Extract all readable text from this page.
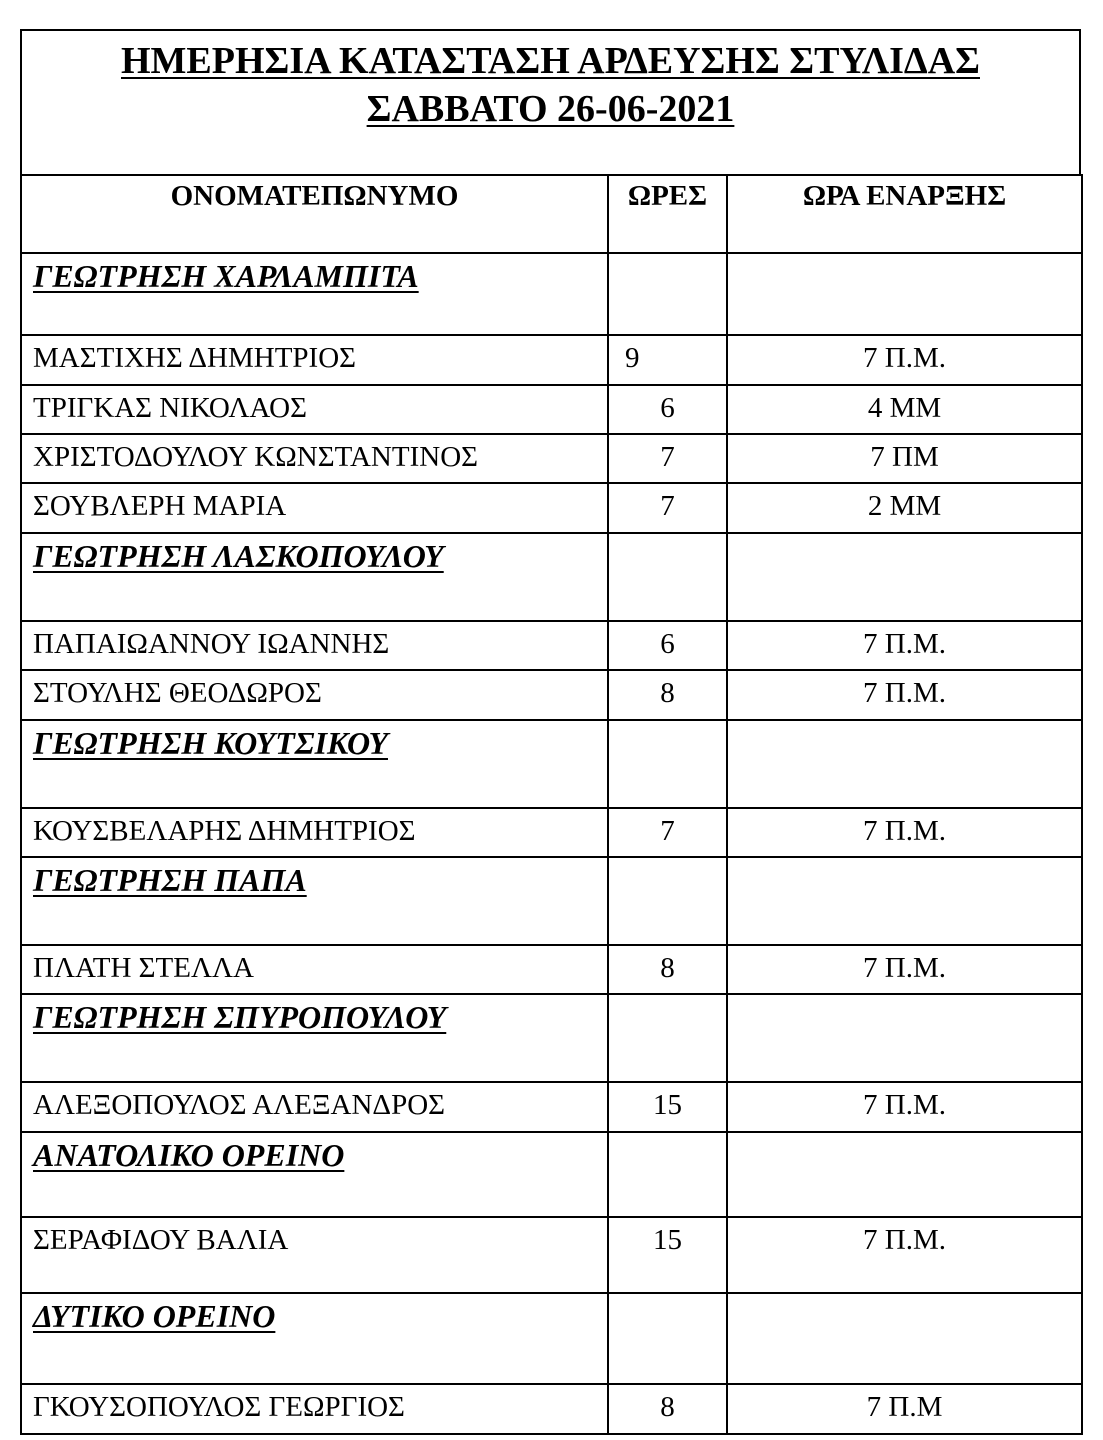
ΗΜΕΡΗΣΙΑ ΚΑΤΑΣΤΑΣΗ ΑΡΔΕΥΣΗΣ ΣΤΥΛΙΔΑΣ
ΣΑΒΒΑΤΟ 26-06-2021
ΟΝΟΜΑΤΕΠΩΝΥΜΟ	ΩΡΕΣ	ΩΡΑ ΕΝΑΡΞΗΣ
ΓΕΩΤΡΗΣΗ ΧΑΡΛΑΜΠΙΤΑ		

ΜΑΣΤΙΧΗΣ ΔΗΜΗΤΡΙΟΣ	9	7 Π.Μ.

ΤΡΙΓΚΑΣ ΝΙΚΟΛΑΟΣ	6	4 ΜΜ

ΧΡΙΣΤΟΔΟΥΛΟΥ ΚΩΝΣΤΑΝΤΙΝΟΣ	7	7 ΠΜ

ΣΟΥΒΛΕΡΗ ΜΑΡΙΑ	7	2 ΜΜ

ΓΕΩΤΡΗΣΗ ΛΑΣΚΟΠΟΥΛΟΥ		

ΠΑΠΑΙΩΑΝΝΟΥ ΙΩΑΝΝΗΣ	6	7 Π.Μ.

ΣΤΟΥΛΗΣ ΘΕΟΔΩΡΟΣ	8	7 Π.Μ.

ΓΕΩΤΡΗΣΗ ΚΟΥΤΣΙΚΟΥ		

ΚΟΥΣΒΕΛΑΡΗΣ ΔΗΜΗΤΡΙΟΣ	7	7 Π.Μ.

ΓΕΩΤΡΗΣΗ ΠΑΠΑ		

ΠΛΑΤΗ ΣΤΕΛΛΑ	8	7 Π.Μ.

ΓΕΩΤΡΗΣΗ ΣΠΥΡΟΠΟΥΛΟΥ		

ΑΛΕΞΟΠΟΥΛΟΣ ΑΛΕΞΑΝΔΡΟΣ	15	7 Π.Μ.

ΑΝΑΤΟΛΙΚΟ ΟΡΕΙΝΟ		

ΣΕΡΑΦΙΔΟΥ ΒΑΛΙΑ	15	7 Π.Μ.

ΔΥΤΙΚΟ ΟΡΕΙΝΟ		

ΓΚΟΥΣΟΠΟΥΛΟΣ ΓΕΩΡΓΙΟΣ	8	7 Π.Μ
